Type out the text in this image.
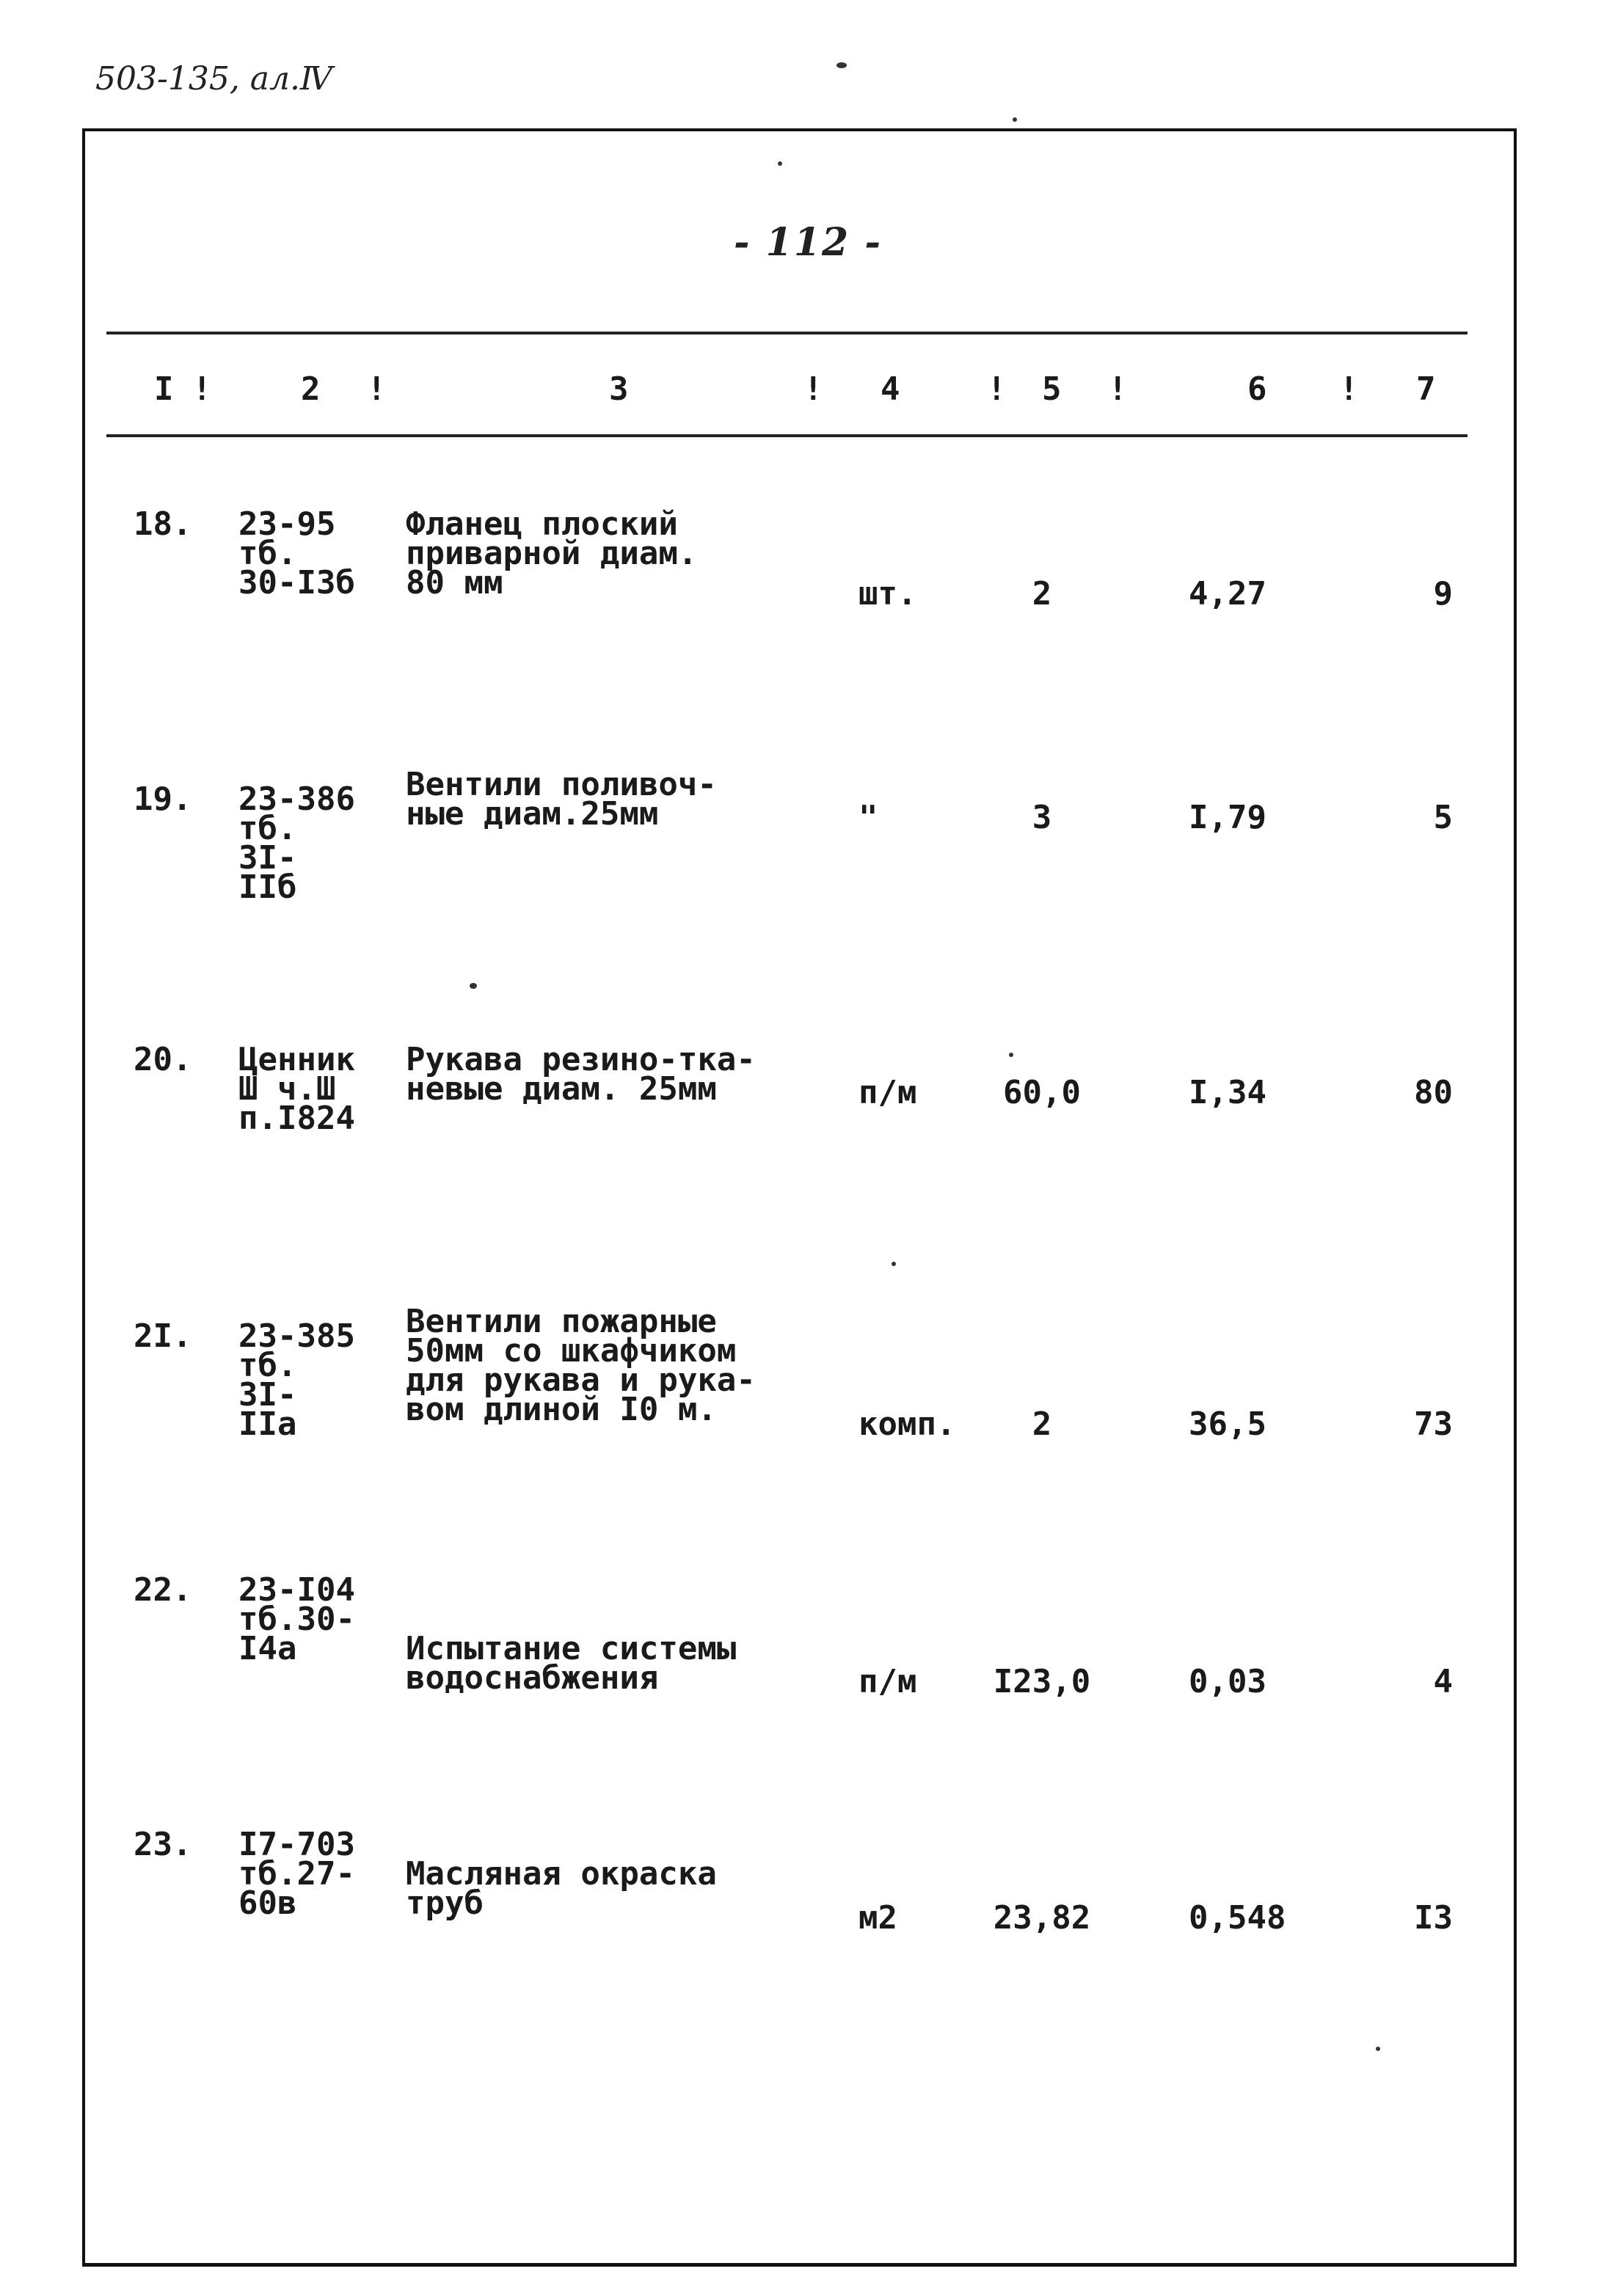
503-135, ал.Ⅳ
- 112 -
I !	2 !	3	! 4	! 5 !	6 ! 7
18. 23-95
тб.
30-I3б
Фланец плоский
приварной диам.
80 мм	шт.	2	4,27	9
19. 23-386
тб.
3I-
IIб
Вентили поливоч-
ные диам.25мм	"	3	I,79	5
20. Ценник
Ш ч.Ш
п.I824
Рукава резино-тка-
невые диам. 25мм	п/м	60,0	I,34	80
2I. 23-385
тб.
3I-
IIа
Вентили пожарные
50мм со шкафчиком
для рукава и рука-
вом длиной I0 м.	комп.	2	36,5	73
22. 23-I04
тб.30-
I4а	

Испытание системы
водоснабжения	п/м	I23,0	0,03	4
23. I7-703
тб.27-
60в

Масляная окраска
труб	м2	23,82	0,548	I3
